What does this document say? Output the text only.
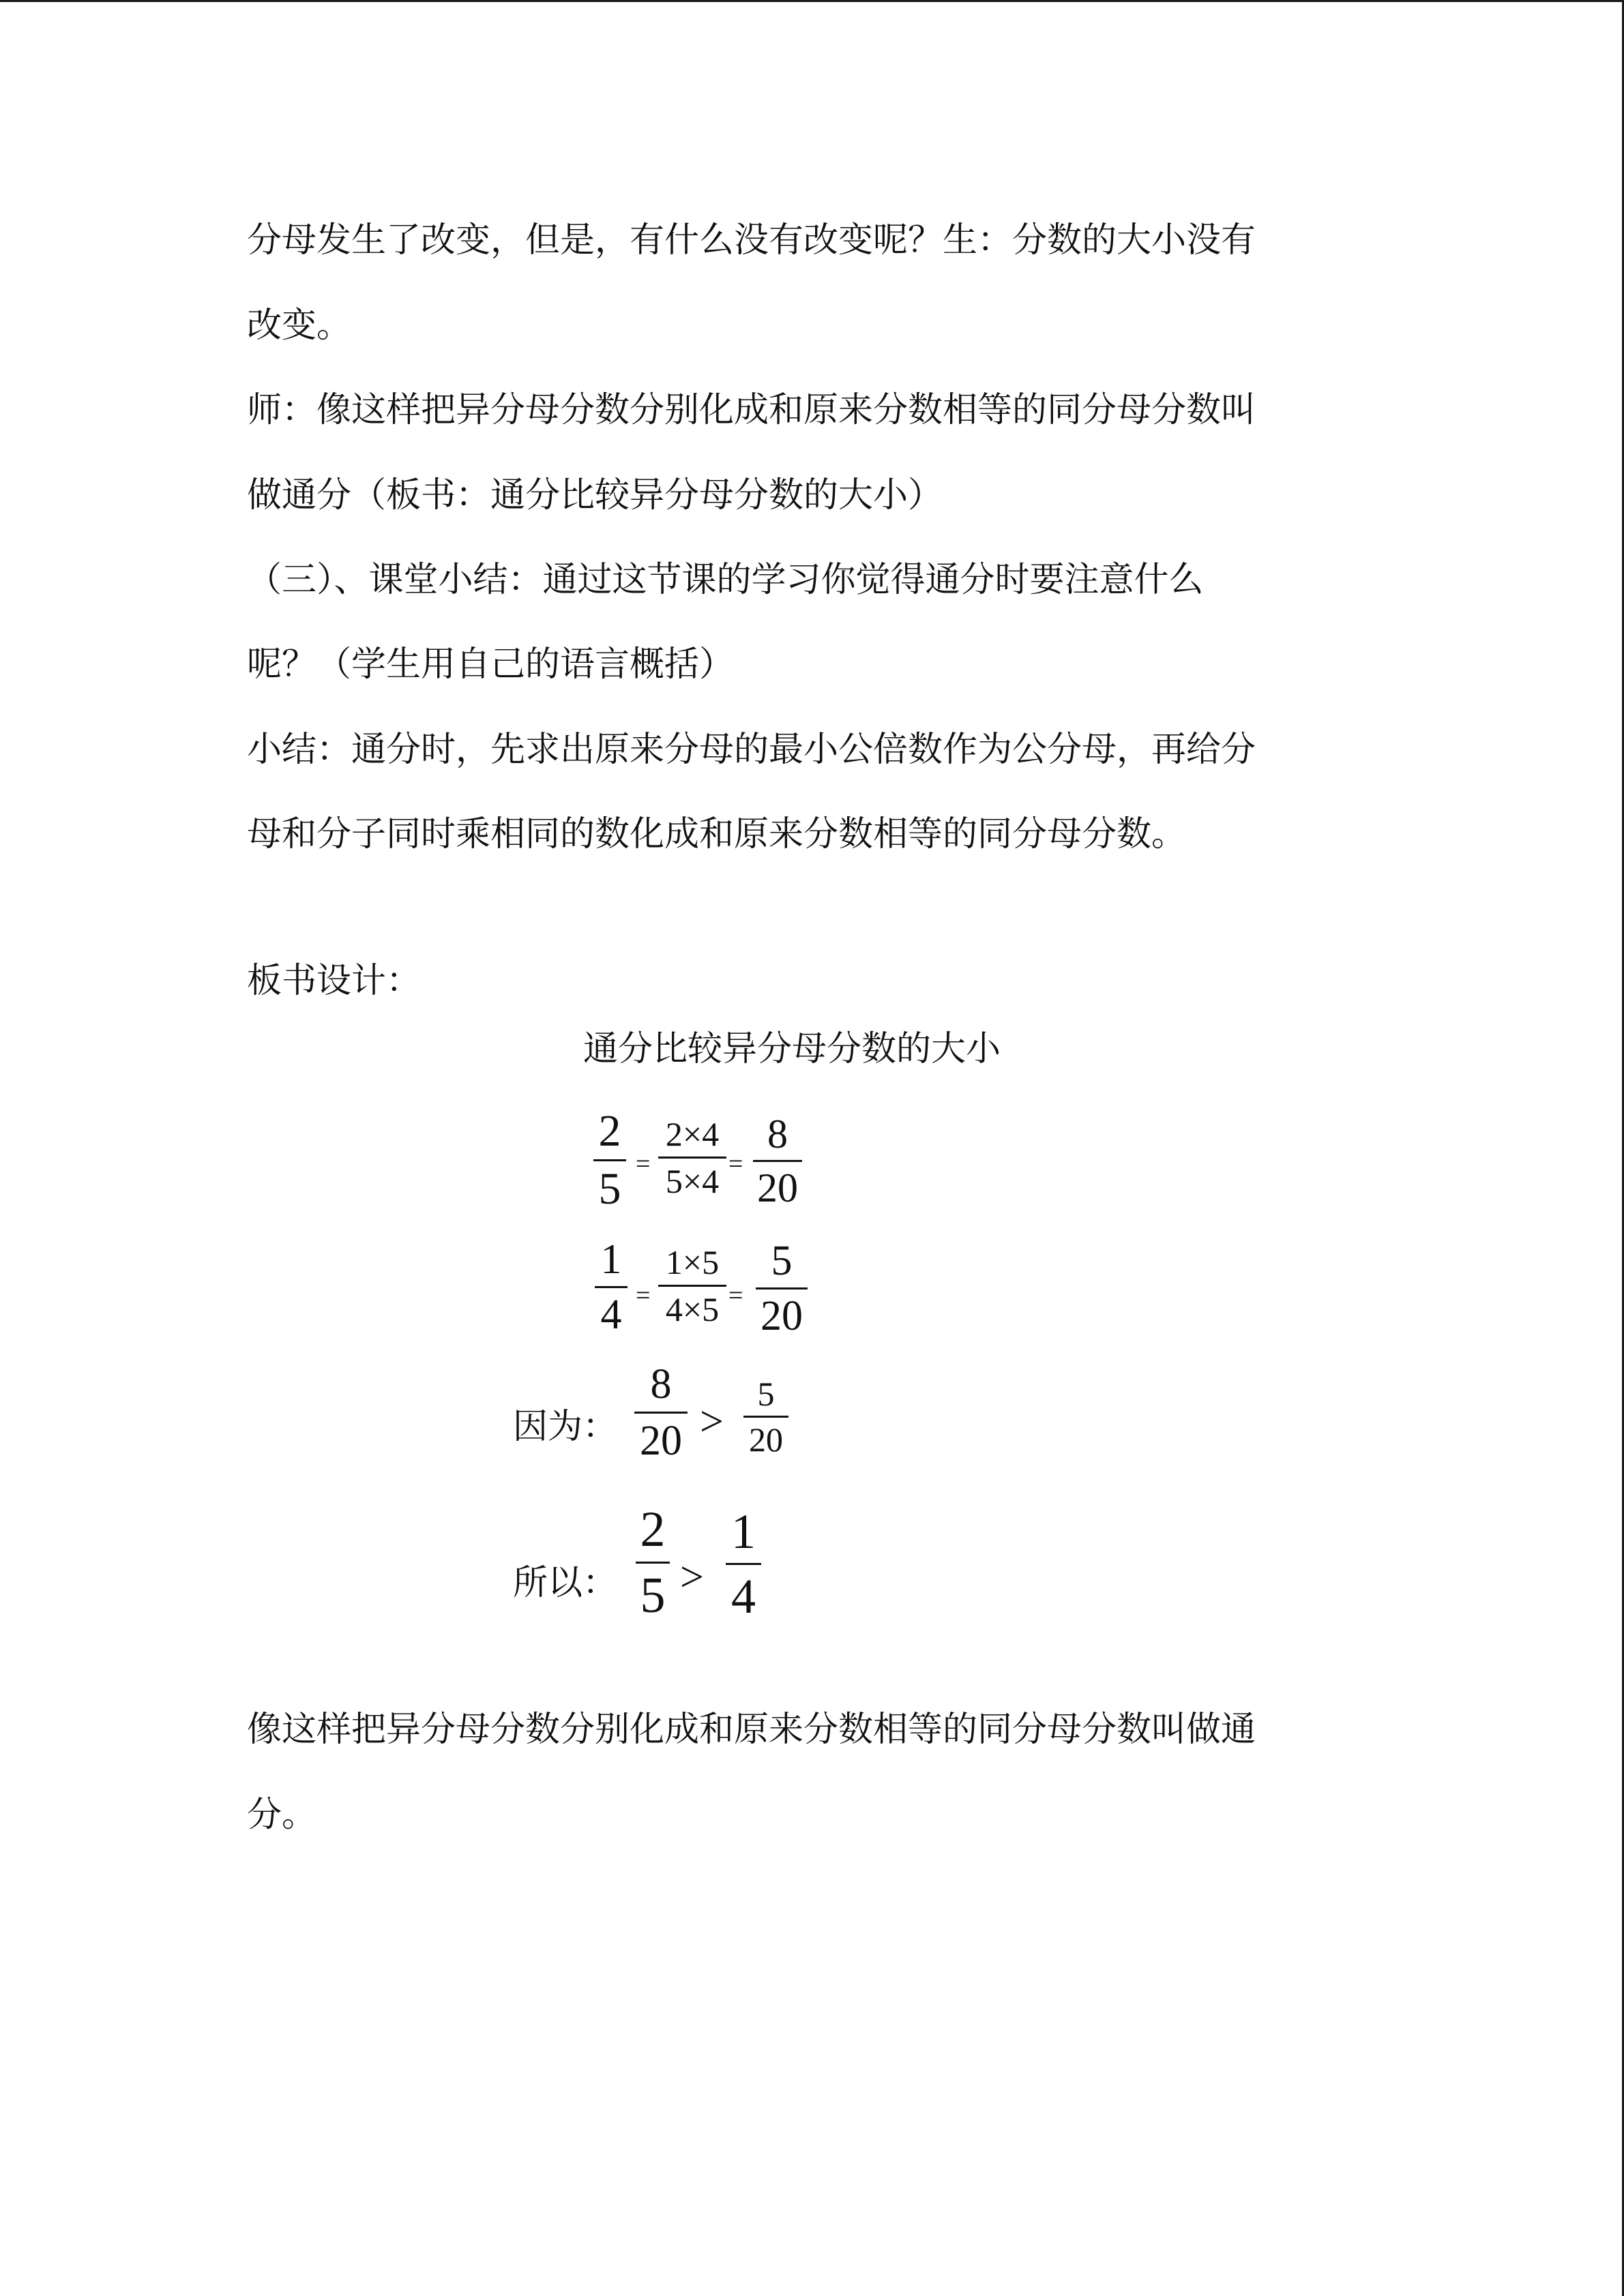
分母发生了改变，但是，有什么没有改变呢？生：分数的大小没有
改变。
师：像这样把异分母分数分别化成和原来分数相等的同分母分数叫
做通分（板书：通分比较异分母分数的大小）
（三）、课堂小结：通过这节课的学习你觉得通分时要注意什么
呢？（学生用自己的语言概括）
小结：通分时，先求出原来分母的最小公倍数作为公分母，再给分
母和分子同时乘相同的数化成和原来分数相等的同分母分数。
板书设计：
通分比较异分母分数的大小
2
5 =
2×4
5×4 =
8
20
1
4 =
1×5
4×5 =
5
20
因为：
8
20 >
5
20
所以：
2
5 >
1
4
像这样把异分母分数分别化成和原来分数相等的同分母分数叫做通
分。
